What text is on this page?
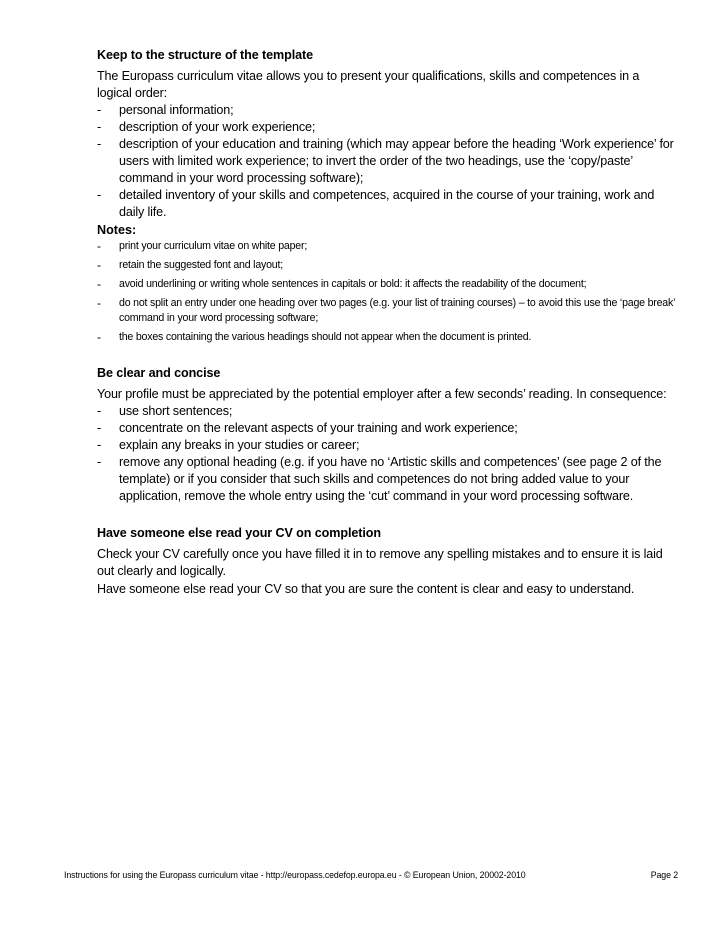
Keep to the structure of the template

The Europass curriculum vitae allows you to present your qualifications, skills and competences in a logical order:

-	personal information;
-	description of your work experience;
-	description of your education and training (which may appear before the heading ‘Work experience’ for users with limited work experience; to invert the order of the two headings, use the ‘copy/paste’ command in your word processing software);
-	detailed inventory of your skills and competences, acquired in the course of your training, work and daily life.

Notes:

-	print your curriculum vitae on white paper;
-	retain the suggested font and layout;
-	avoid underlining or writing whole sentences in capitals or bold: it affects the readability of the document;
-	do not split an entry under one heading over two pages (e.g. your list of training courses) – to avoid this use the ‘page break’ command in your word processing software;
-	the boxes containing the various headings should not appear when the document is printed.

Be clear and concise

Your profile must be appreciated by the potential employer after a few seconds’ reading. In consequence:

-	use short sentences;
-	concentrate on the relevant aspects of your training and work experience;
-	explain any breaks in your studies or career;
-	remove any optional heading (e.g. if you have no ‘Artistic skills and competences’ (see page 2 of the template) or if you consider that such skills and competences do not bring added value to your application, remove the whole entry using the ‘cut’ command in your word processing software.

Have someone else read your CV on completion

Check your CV carefully once you have filled it in to remove any spelling mistakes and to ensure it is laid out clearly and logically.

Have someone else read your CV so that you are sure the content is clear and easy to understand.

Instructions for using the Europass curriculum vitae - http://europass.cedefop.europa.eu - © European Union, 20002-2010	Page 2
